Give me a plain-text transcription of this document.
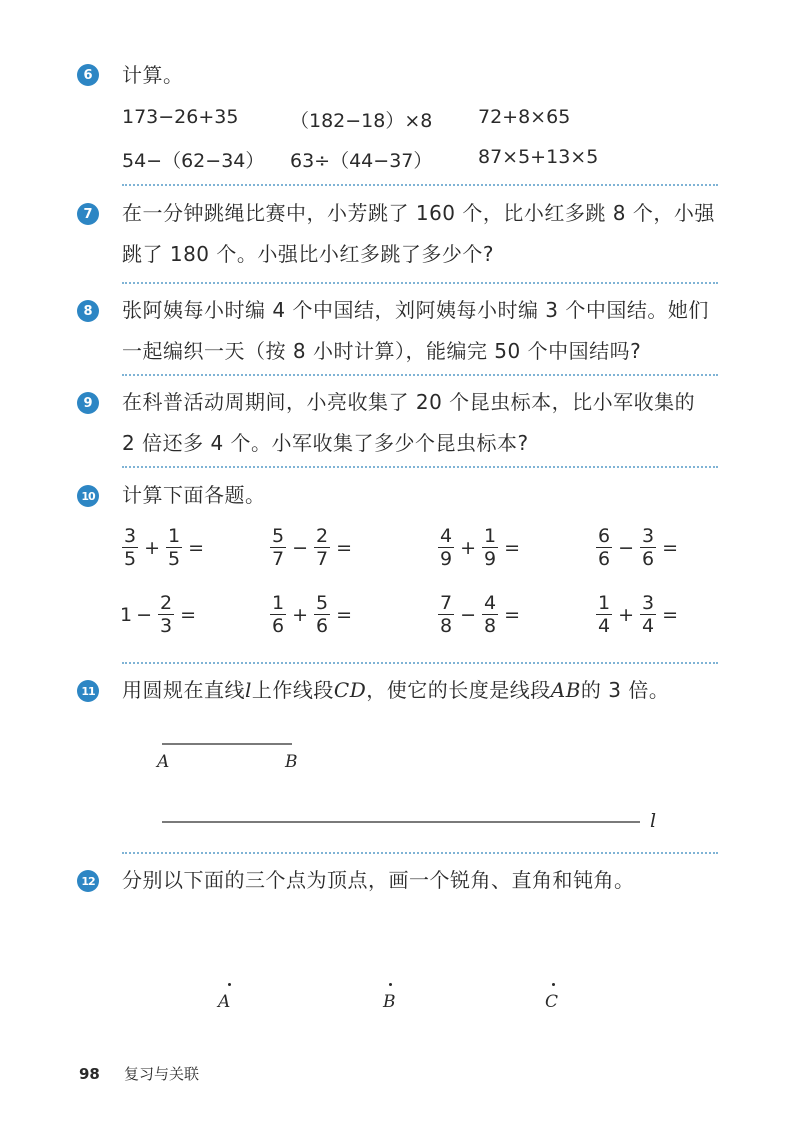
6 计算。
173−26+35	（182−18）×8 72+8×65
54−（62−34） 63÷（44−37） 87×5+13×5
7 在一分钟跳绳比赛中，小芳跳了 160 个，比小红多跳 8 个，小强
跳了 180 个。小强比小红多跳了多少个?
8 张阿姨每小时编 4 个中国结，刘阿姨每小时编 3 个中国结。她们
一起编织一天（按 8 小时计算），能编完 50 个中国结吗?
9 在科普活动周期间，小亮收集了 20 个昆虫标本，比小军收集的
2 倍还多 4 个。小军收集了多少个昆虫标本?
10 计算下面各题。
$\frac{3}{5} + \frac{1}{5}$ =	$\frac{5}{7} - \frac{2}{7}$ =	$\frac{4}{9} + \frac{1}{9}$ =	$\frac{6}{6} - \frac{3}{6}$ =
$1 - \frac{2}{3}$ =	$\frac{1}{6} + \frac{5}{6}$ =	$\frac{7}{8} - \frac{4}{8}$ =	$\frac{1}{4} + \frac{3}{4}$ =
11 用圆规在直线l上作线段CD，使它的长度是线段AB的 3 倍。
A	B
l
12 分别以下面的三个点为顶点，画一个锐角、直角和钝角。
A	B	C
98 复习与关联
